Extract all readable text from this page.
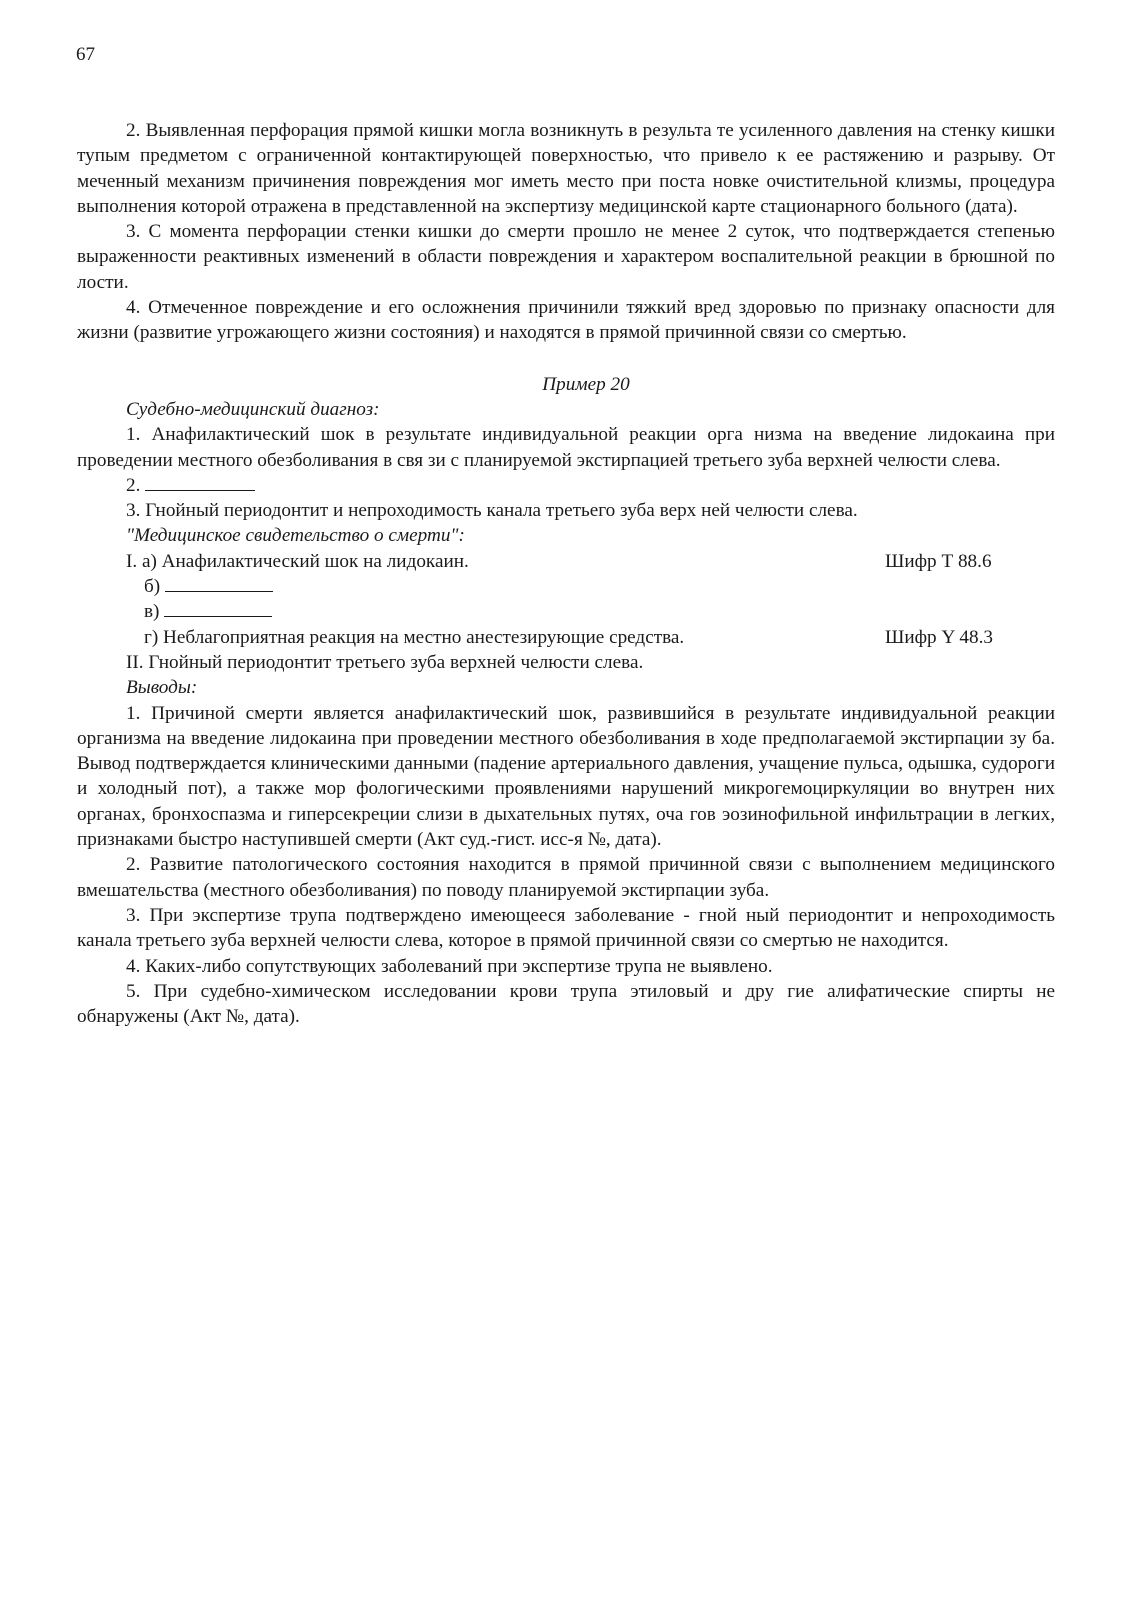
67

2. Выявленная перфорация прямой кишки могла возникнуть в результа те усиленного давления на стенку кишки тупым предметом с ограниченной контактирующей поверхностью, что привело к ее растяжению и разрыву. От меченный механизм причинения повреждения мог иметь место при поста новке очистительной клизмы, процедура выполнения которой отражена в представленной на экспертизу медицинской карте стационарного больного (дата).

3. С момента перфорации стенки кишки до смерти прошло не менее 2 суток, что подтверждается степенью выраженности реактивных изменений в области повреждения и характером воспалительной реакции в брюшной по лости.

4. Отмеченное повреждение и его осложнения причинили тяжкий вред здоровью по признаку опасности для жизни (развитие угрожающего жизни состояния) и находятся в прямой причинной связи со смертью.

Пример 20

Судебно-медицинский диагноз:

1. Анафилактический шок в результате индивидуальной реакции орга низма на введение лидокаина при проведении местного обезболивания в свя зи с планируемой экстирпацией третьего зуба верхней челюсти слева.

2.

3. Гнойный периодонтит и непроходимость канала третьего зуба верх ней челюсти слева.

"Медицинское свидетельство о смерти":

I. а) Анафилактический шок на лидокаин.	Шифр Т 88.6

б)

в)

г) Неблагоприятная реакция на местно анестезирующие средства.	Шифр Y 48.3

II. Гнойный периодонтит третьего зуба верхней челюсти слева.

Выводы:

1. Причиной смерти является анафилактический шок, развившийся в результате индивидуальной реакции организма на введение лидокаина при проведении местного обезболивания в ходе предполагаемой экстирпации зу ба. Вывод подтверждается клиническими данными (падение артериального давления, учащение пульса, одышка, судороги и холодный пот), а также мор фологическими проявлениями нарушений микрогемоциркуляции во внутрен них органах, бронхоспазма и гиперсекреции слизи в дыхательных путях, оча гов эозинофильной инфильтрации в легких, признаками быстро наступившей смерти (Акт суд.-гист. исс-я №, дата).

2. Развитие патологического состояния находится в прямой причинной связи с выполнением медицинского вмешательства (местного обезболивания) по поводу планируемой экстирпации зуба.

3. При экспертизе трупа подтверждено имеющееся заболевание - гной ный периодонтит и непроходимость канала третьего зуба верхней челюсти слева, которое в прямой причинной связи со смертью не находится.

4. Каких-либо сопутствующих заболеваний при экспертизе трупа не выявлено.

5. При судебно-химическом исследовании крови трупа этиловый и дру гие алифатические спирты не обнаружены (Акт №, дата).
